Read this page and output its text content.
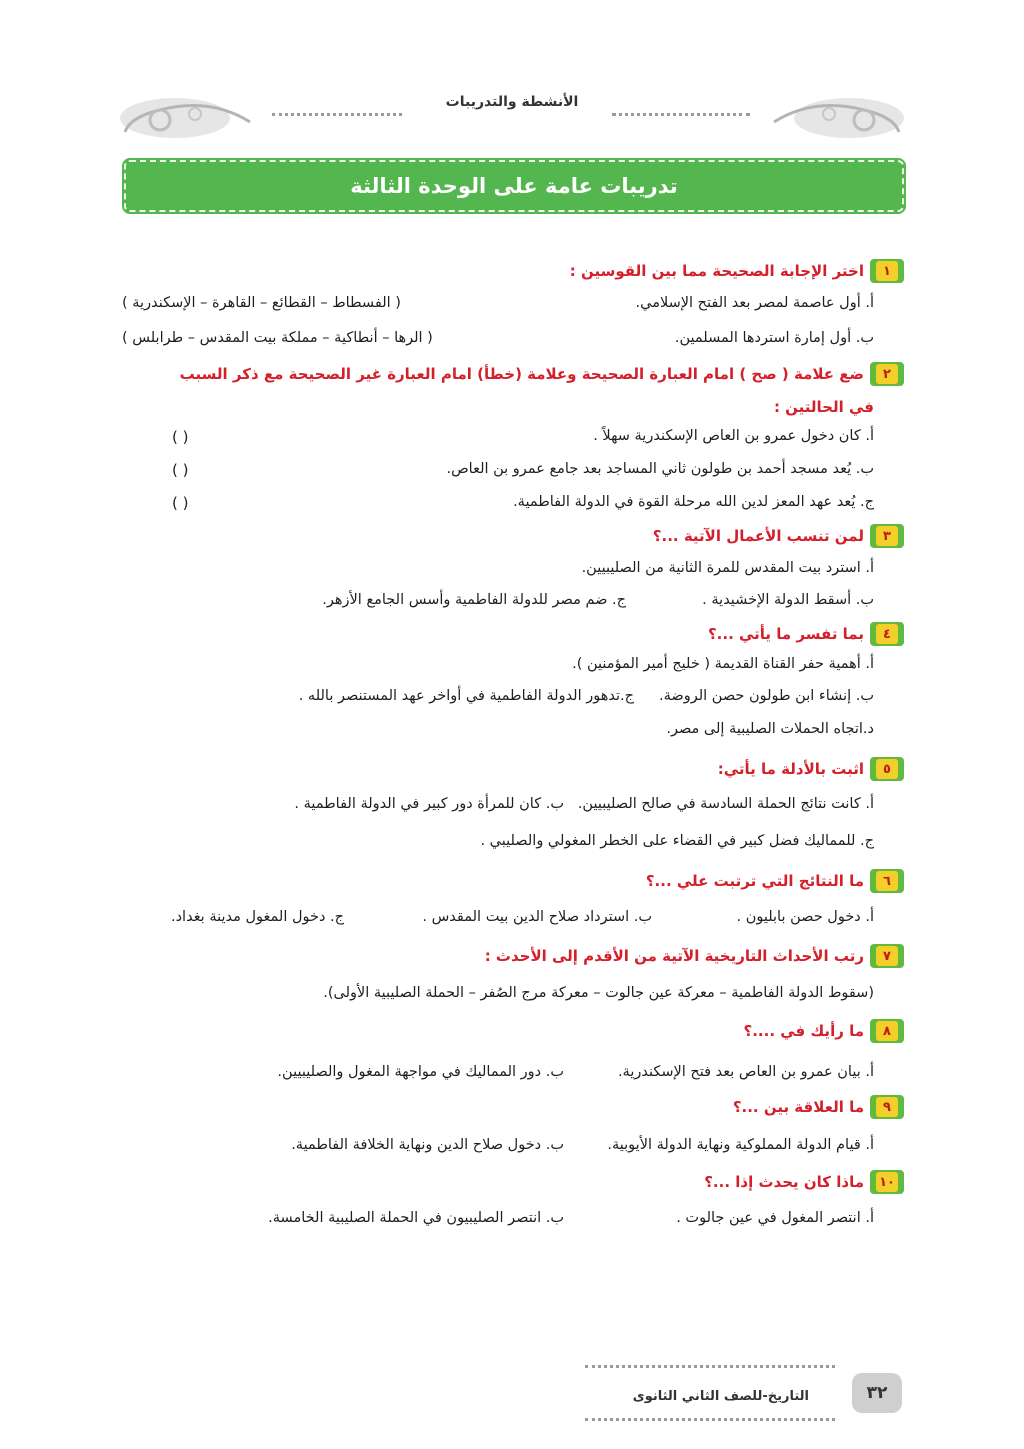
الأنشطة والتدريبات
تدريبات عامة على الوحدة الثالثة
١
اختر الإجابة الصحيحة مما بين القوسين :
أ. أول عاصمة لمصر بعد الفتح الإسلامي.
( الفسطاط – القطائع – القاهرة – الإسكندرية )
ب. أول إمارة استردها المسلمين.
( الرها – أنطاكية – مملكة بيت المقدس – طرابلس )
٢
ضع علامة ( صح ) امام العبارة الصحيحة وعلامة (خطأ) امام العبارة غير الصحيحة مع ذكر السبب
في الحالتين :
أ. كان دخول عمرو بن العاص الإسكندرية سهلاً .
( )
ب. يُعد مسجد أحمد بن طولون ثاني المساجد بعد جامع عمرو بن العاص.
( )
ج. يُعد عهد المعز لدين الله مرحلة القوة في الدولة الفاطمية.
( )
٣
لمن تنسب الأعمال الآتية ...؟
أ. استرد بيت المقدس للمرة الثانية من الصليبيين.
ب. أسقط الدولة الإخشيدية .
ج. ضم مصر للدولة الفاطمية وأسس الجامع الأزهر.
٤
بما تفسر ما يأتي ...؟
أ. أهمية حفر القناة القديمة ( خليج أمير المؤمنين ).
ب. إنشاء ابن طولون حصن الروضة.
ج.تدهور الدولة الفاطمية في أواخر عهد المستنصر بالله .
د.اتجاه الحملات الصليبية إلى مصر.
٥
اثبت بالأدلة ما يأتي:
أ. كانت نتائج الحملة السادسة في صالح الصليبيين.
ب. كان للمرأة دور كبير في الدولة الفاطمية .
ج. للمماليك فضل كبير في القضاء على الخطر المغولي والصليبي .
٦
ما النتائج التي ترتبت علي ...؟
أ. دخول حصن بابليون .
ب. استرداد صلاح الدين بيت المقدس .
ج. دخول المغول مدينة بغداد.
٧
رتب الأحداث التاريخية الآتية من الأقدم إلى الأحدث :
(سقوط الدولة الفاطمية – معركة عين جالوت – معركة مرج الصُفر – الحملة الصليبية الأولى).
٨
ما رأيك في ....؟
أ. بيان عمرو بن العاص بعد فتح الإسكندرية.
ب. دور المماليك في مواجهة المغول والصليبيين.
٩
ما العلاقة بين ...؟
أ. قيام الدولة المملوكية ونهاية الدولة الأيوبية.
ب. دخول صلاح الدين ونهاية الخلافة الفاطمية.
١٠
ماذا كان يحدث إذا ...؟
أ. انتصر المغول في عين جالوت .
ب. انتصر الصليبيون في الحملة الصليبية الخامسة.
التاريخ-للصف الثاني الثانوى	٣٢
